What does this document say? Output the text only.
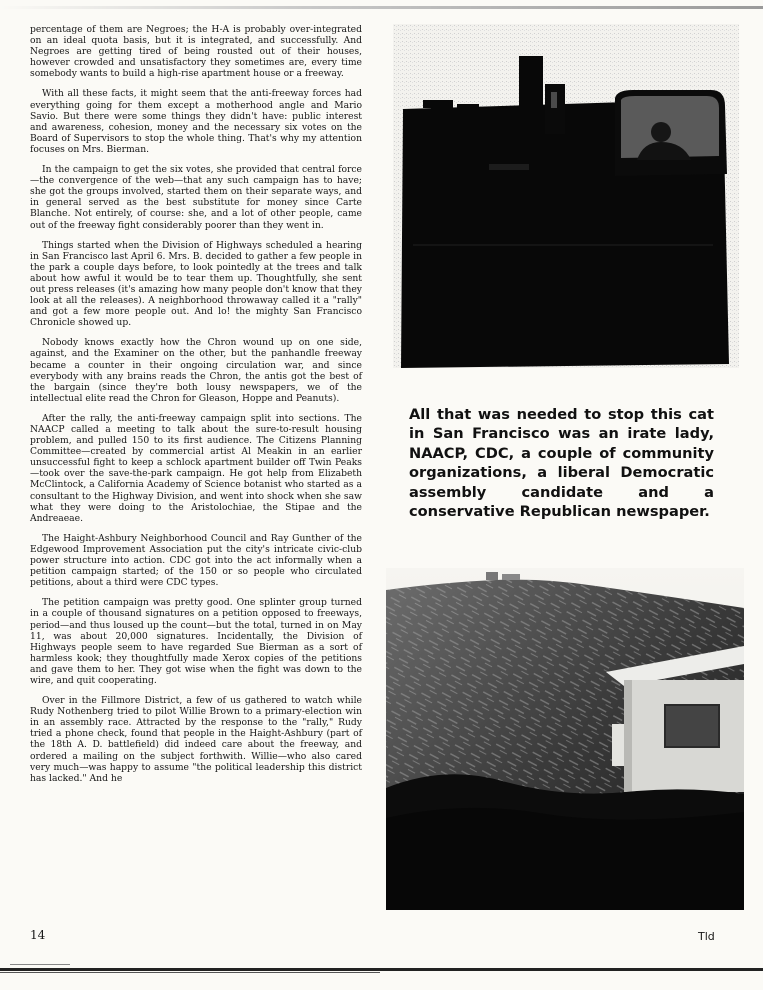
percentage of them are Negroes; the H-A is probably over-integrated on an ideal quota basis, but it is integrated, and successfully. And Negroes are getting tired of being rousted out of their houses, however crowded and unsatisfactory they sometimes are, every time somebody wants to build a high-rise apartment house or a freeway.

With all these facts, it might seem that the anti-freeway forces had everything going for them except a motherhood angle and Mario Savio. But there were some things they didn't have: public interest and awareness, cohesion, money and the necessary six votes on the Board of Supervisors to stop the whole thing. That's why my attention focuses on Mrs. Bierman.

In the campaign to get the six votes, she provided that central force—the convergence of the web—that any such campaign has to have; she got the groups involved, started them on their separate ways, and in general served as the best substitute for money since Carte Blanche. Not entirely, of course: she, and a lot of other people, came out of the freeway fight considerably poorer than they went in.

Things started when the Division of Highways scheduled a hearing in San Francisco last April 6. Mrs. B. decided to gather a few people in the park a couple days before, to look pointedly at the trees and talk about how awful it would be to tear them up. Thoughtfully, she sent out press releases (it's amazing how many people don't know that they look at all the releases). A neighborhood throwaway called it a "rally" and got a few more people out. And lo! the mighty San Francisco Chronicle showed up.

Nobody knows exactly how the Chron wound up on one side, against, and the Examiner on the other, but the panhandle freeway became a counter in their ongoing circulation war, and since everybody with any brains reads the Chron, the antis got the best of the bargain (since they're both lousy newspapers, we of the intellectual elite read the Chron for Gleason, Hoppe and Peanuts).

After the rally, the anti-freeway campaign split into sections. The NAACP called a meeting to talk about the sure-to-result housing problem, and pulled 150 to its first audience. The Citizens Planning Committee—created by commercial artist Al Meakin in an earlier unsuccessful fight to keep a schlock apartment builder off Twin Peaks—took over the save-the-park campaign. He got help from Elizabeth McClintock, a California Academy of Science botanist who started as a consultant to the Highway Division, and went into shock when she saw what they were doing to the Aristolochiae, the Stipae and the Andreaeae.

The Haight-Ashbury Neighborhood Council and Ray Gunther of the Edgewood Improvement Association put the city's intricate civic-club power structure into action. CDC got into the act informally when a petition campaign started; of the 150 or so people who circulated petitions, about a third were CDC types.

The petition campaign was pretty good. One splinter group turned in a couple of thousand signatures on a petition opposed to freeways, period—and thus loused up the count—but the total, turned in on May 11, was about 20,000 signatures. Incidentally, the Division of Highways people seem to have regarded Sue Bierman as a sort of harmless kook; they thoughtfully made Xerox copies of the petitions and gave them to her. They got wise when the fight was down to the wire, and quit cooperating.

Over in the Fillmore District, a few of us gathered to watch while Rudy Nothenberg tried to pilot Willie Brown to a primary-election win in an assembly race. Attracted by the response to the "rally," Rudy tried a phone check, found that people in the Haight-Ashbury (part of the 18th A. D. battlefield) did indeed care about the freeway, and ordered a mailing on the subject forthwith. Willie—who also cared very much—was happy to assume "the political leadership this district has lacked." And he

All that was needed to stop this cat in San Francisco was an irate lady, NAACP, CDC, a couple of community organizations, a liberal Democratic assembly candidate and a conservative Republican newspaper.
14	Tld
